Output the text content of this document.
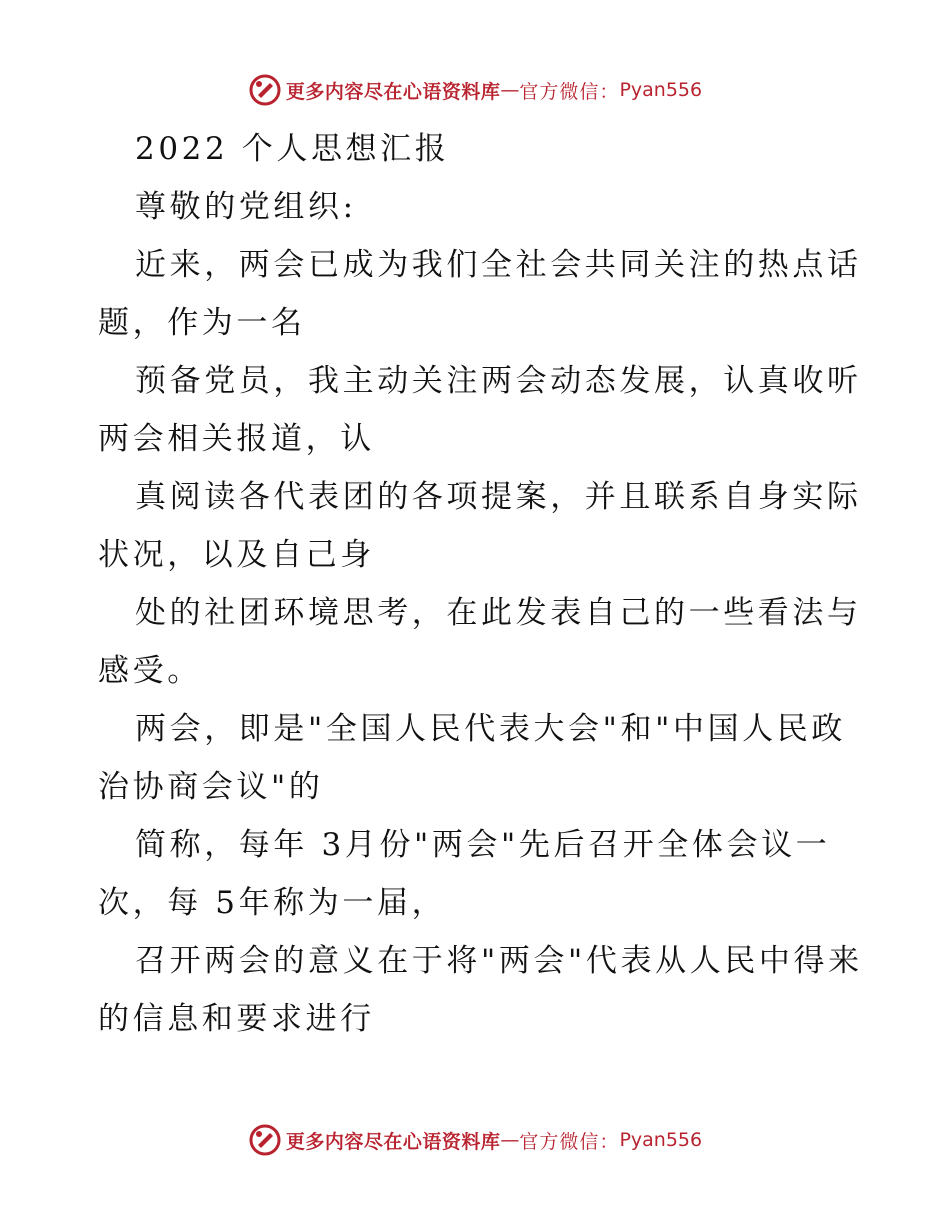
更多内容尽在心语资料库 — 官方微信： Pyan556
2022 个人思想汇报
尊敬的党组织:
近来，两会已成为我们全社会共同关注的热点话
题，作为一名
预备党员，我主动关注两会动态发展，认真收听
两会相关报道，认
真阅读各代表团的各项提案，并且联系自身实际
状况，以及自己身
处的社团环境思考，在此发表自己的一些看法与
感受。
两会，即是"全国人民代表大会"和"中国人民政
治协商会议"的
简称，每年 3月份"两会"先后召开全体会议一
次，每 5年称为一届，
召开两会的意义在于将"两会"代表从人民中得来
的信息和要求进行
更多内容尽在心语资料库 — 官方微信： Pyan556
